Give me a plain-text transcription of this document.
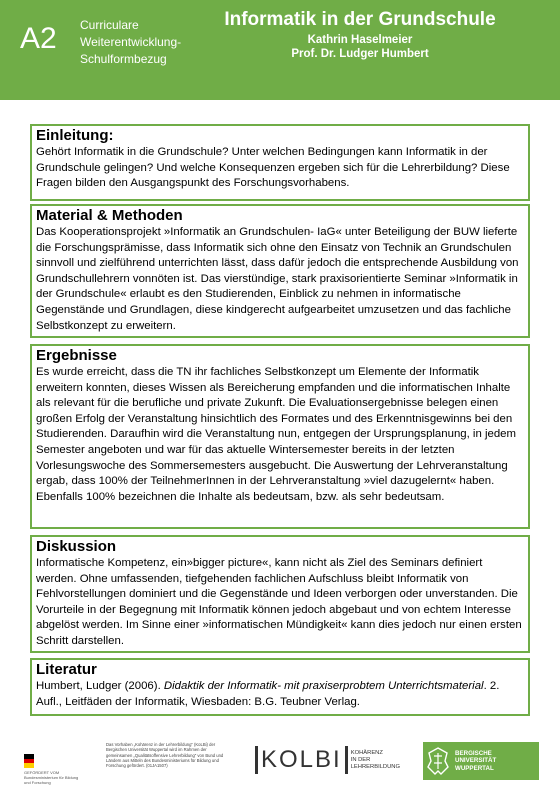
A2 Curriculare
Weiterentwicklung-
Schulformbezug
Informatik in der Grundschule
Kathrin Haselmeier
Prof. Dr. Ludger Humbert
Einleitung:

Gehört Informatik in die Grundschule? Unter welchen Bedingungen kann Informatik in der Grundschule gelingen? Und welche Konsequenzen ergeben sich für die Lehrerbildung? Diese Fragen bilden den Ausgangspunkt des Forschungsvorhabens.

Material & Methoden

Das Kooperationsprojekt »Informatik an Grundschulen- IaG« unter Beteiligung der BUW lieferte die Forschungsprämisse, dass Informatik sich ohne den Einsatz von Technik an Grundschulen sinnvoll und zielführend unterrichten lässt, dass dafür jedoch die entsprechende Ausbildung von Grundschullehrern vonnöten ist. Das vierstündige, stark praxisorientierte Seminar »Informatik in der Grundschule« erlaubt es den Studierenden, Einblick zu nehmen in informatische Gegenstände und Grundlagen, diese kindgerecht aufgearbeitet umzusetzen und das fachliche Selbstkonzept zu erweitern.

Ergebnisse

Es wurde erreicht, dass die TN ihr fachliches Selbstkonzept um Elemente der Informatik erweitern konnten, dieses Wissen als Bereicherung empfanden und die informatischen Inhalte als relevant für die berufliche und private Zukunft. Die Evaluationsergebnisse belegen einen großen Erfolg der Veranstaltung hinsichtlich des Formates und des Erkenntnisgewinns bei den Studierenden. Daraufhin wird die Veranstaltung nun, entgegen der Ursprungsplanung, in jedem Semester angeboten und war für das aktuelle Wintersemester bereits in der letzten Vorlesungswoche des Sommersemesters ausgebucht. Die Auswertung der Lehrveranstaltung ergab, dass 100% der TeilnehmerInnen in der Lehrveranstaltung »viel dazugelernt« haben. Ebenfalls 100% bezeichnen die Inhalte als bedeutsam, bzw. als sehr bedeutsam.

Diskussion

Informatische Kompetenz, ein»bigger picture«, kann nicht als Ziel des Seminars definiert werden. Ohne umfassenden, tiefgehenden fachlichen Aufschluss bleibt Informatik von Fehlvorstellungen dominiert und die Gegenstände und Ideen verborgen oder unverstanden. Die Vorurteile in der Begegnung mit Informatik können jedoch abgebaut und von echtem Interesse abgelöst werden. Im Sinne einer »informatischen Mündigkeit« kann dies jedoch nur einen ersten Schritt darstellen.

Literatur

Humbert, Ludger (2006). Didaktik der Informatik- mit praxiserprobtem Unterrichtsmaterial. 2. Aufl., Leitfäden der Informatik, Wiesbaden: B.G. Teubner Verlag.

GEFÖRDERT VOM Bundesministerium für Bildung und Forschung
Das Vorhaben „Kohärenz in der Lehrerbildung“ (KoLBi) der Bergischen Universität Wuppertal wird im Rahmen der gemeinsamen „Qualitätsoffensive Lehrerbildung“ von Bund und Ländern aus Mitteln des Bundesministeriums für Bildung und Forschung gefördert. (01JA1507)	KOLBI	KOHÄRENZ
IN DER
LEHRERBILDUNG
BERGISCHE
UNIVERSITÄT
WUPPERTAL
